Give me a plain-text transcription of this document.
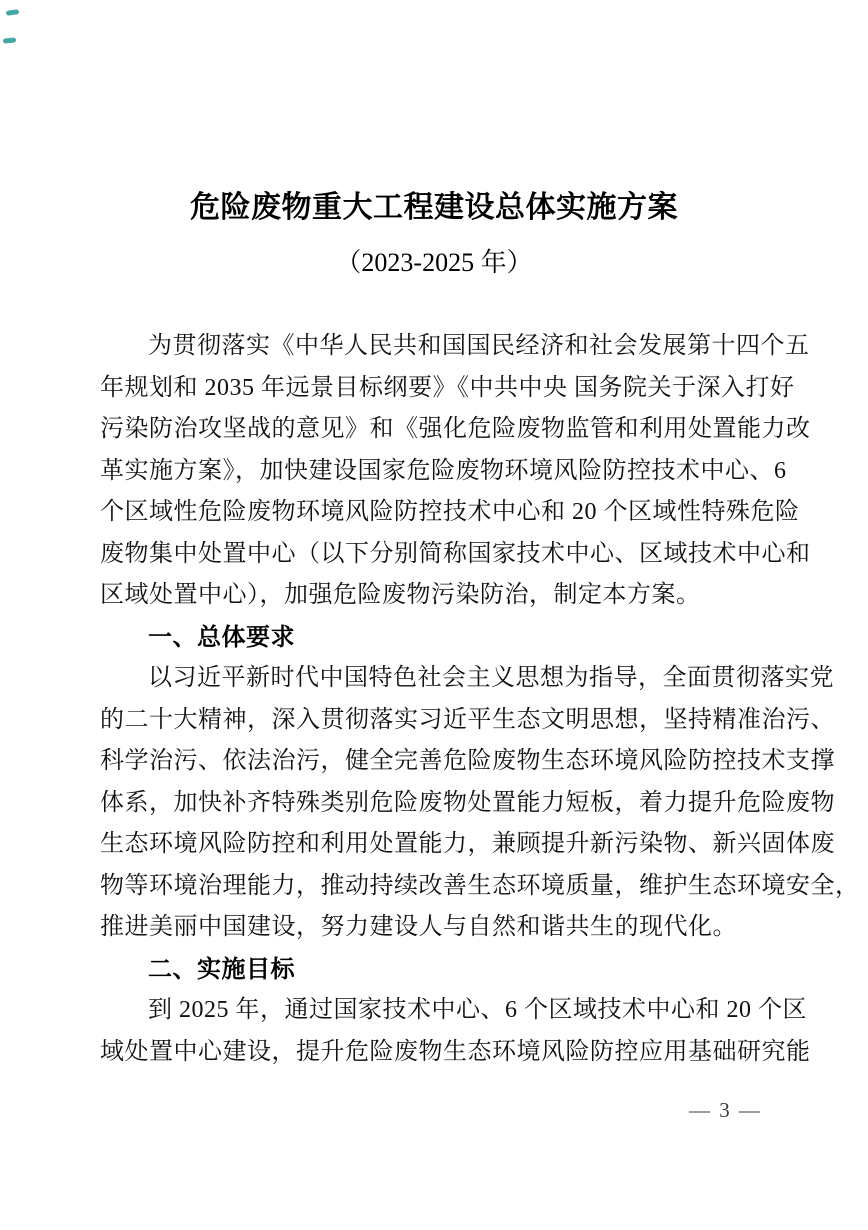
危险废物重大工程建设总体实施方案
（2023-2025 年）
为贯彻落实《中华人民共和国国民经济和社会发展第十四个五
年规划和 2035 年远景目标纲要》《中共中央 国务院关于深入打好
污染防治攻坚战的意见》和《强化危险废物监管和利用处置能力改
革实施方案》，加快建设国家危险废物环境风险防控技术中心、6
个区域性危险废物环境风险防控技术中心和 20 个区域性特殊危险
废物集中处置中心（以下分别简称国家技术中心、区域技术中心和
区域处置中心），加强危险废物污染防治，制定本方案。
一、总体要求
以习近平新时代中国特色社会主义思想为指导，全面贯彻落实党
的二十大精神，深入贯彻落实习近平生态文明思想，坚持精准治污、
科学治污、依法治污，健全完善危险废物生态环境风险防控技术支撑
体系，加快补齐特殊类别危险废物处置能力短板，着力提升危险废物
生态环境风险防控和利用处置能力，兼顾提升新污染物、新兴固体废
物等环境治理能力，推动持续改善生态环境质量，维护生态环境安全，
推进美丽中国建设，努力建设人与自然和谐共生的现代化。
二、实施目标
到 2025 年，通过国家技术中心、6 个区域技术中心和 20 个区
域处置中心建设，提升危险废物生态环境风险防控应用基础研究能
— 3 —
